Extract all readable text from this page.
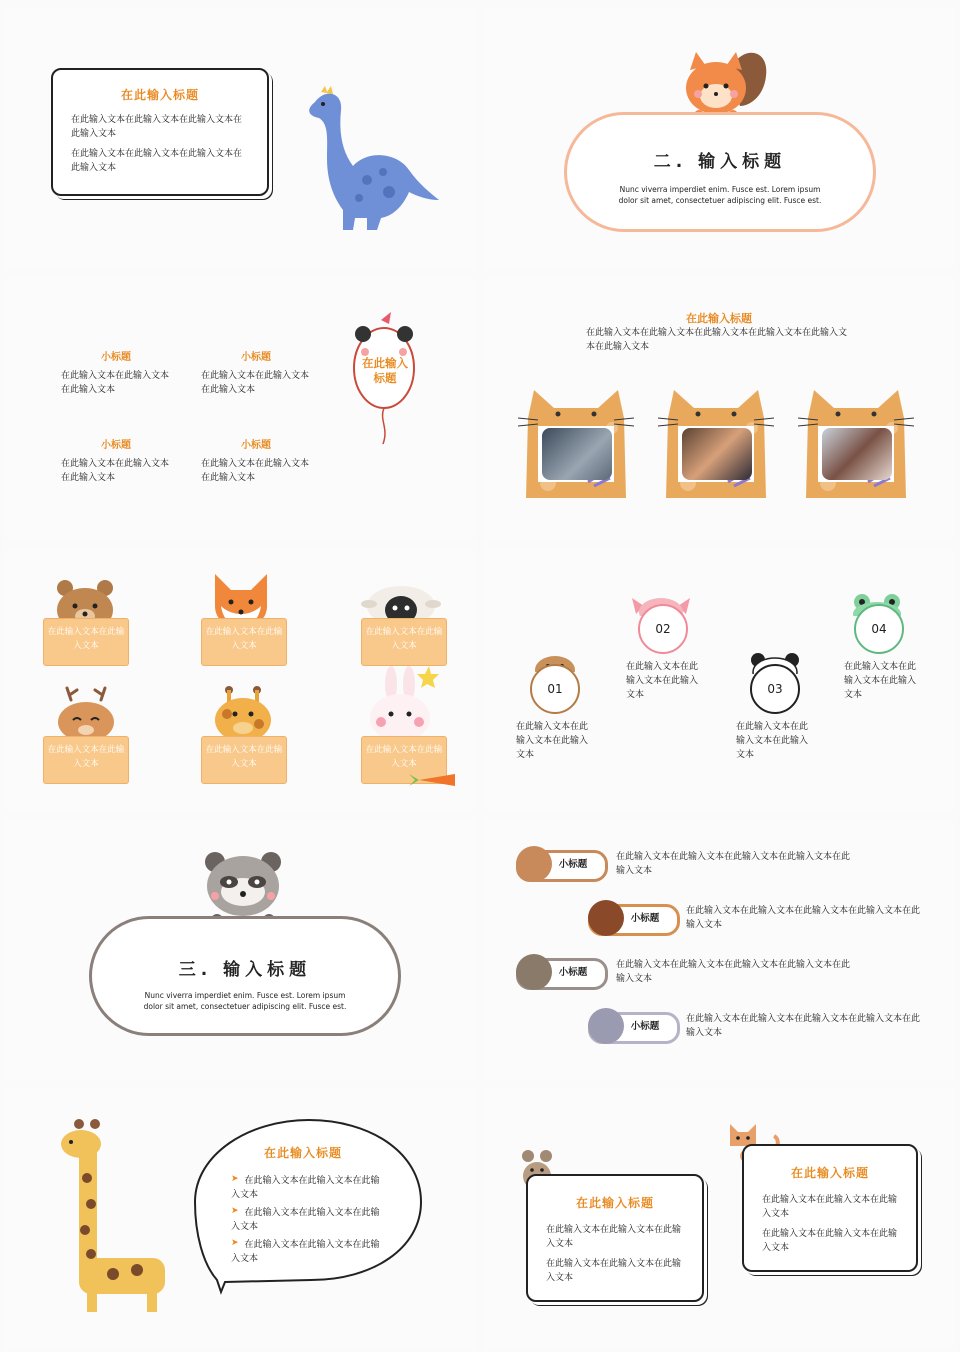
在此输入标题
在此输入文本在此输入文本在此输入文本在此输入文本
在此输入文本在此输入文本在此输入文本在此输入文本	二. 输入标题
Nunc viverra imperdiet enim. Fusce est. Lorem ipsum dolor sit amet, consectetuer adipiscing elit. Fusce est.
小标题
在此输入文本在此输入文本在此输入文本
小标题
在此输入文本在此输入文本在此输入文本
小标题
在此输入文本在此输入文本在此输入文本
小标题
在此输入文本在此输入文本在此输入文本
在此输入标题
在此输入标题
在此输入文本在此输入文本在此输入文本在此输入文本在此输入文本在此输入文本
在此输入文本在此输入文本
在此输入文本在此输入文本
在此输入文本在此输入文本
在此输入文本在此输入文本
在此输入文本在此输入文本
在此输入文本在此输入文本
01
在此输入文本在此输入文本在此输入文本
02
在此输入文本在此输入文本在此输入文本	03
在此输入文本在此输入文本在此输入文本
04
在此输入文本在此输入文本在此输入文本
三. 输入标题
Nunc viverra imperdiet enim. Fusce est. Lorem ipsum dolor sit amet, consectetuer adipiscing elit. Fusce est.
小标题
在此输入文本在此输入文本在此输入文本在此输入文本在此输入文本
小标题
在此输入文本在此输入文本在此输入文本在此输入文本在此输入文本
小标题
在此输入文本在此输入文本在此输入文本在此输入文本在此输入文本
小标题
在此输入文本在此输入文本在此输入文本在此输入文本在此输入文本
在此输入标题
➤ 在此输入文本在此输入文本在此输入文本
➤ 在此输入文本在此输入文本在此输入文本
➤ 在此输入文本在此输入文本在此输入文本
在此输入标题
在此输入文本在此输入文本在此输入文本
在此输入文本在此输入文本在此输入文本
在此输入标题
在此输入文本在此输入文本在此输入文本
在此输入文本在此输入文本在此输入文本
